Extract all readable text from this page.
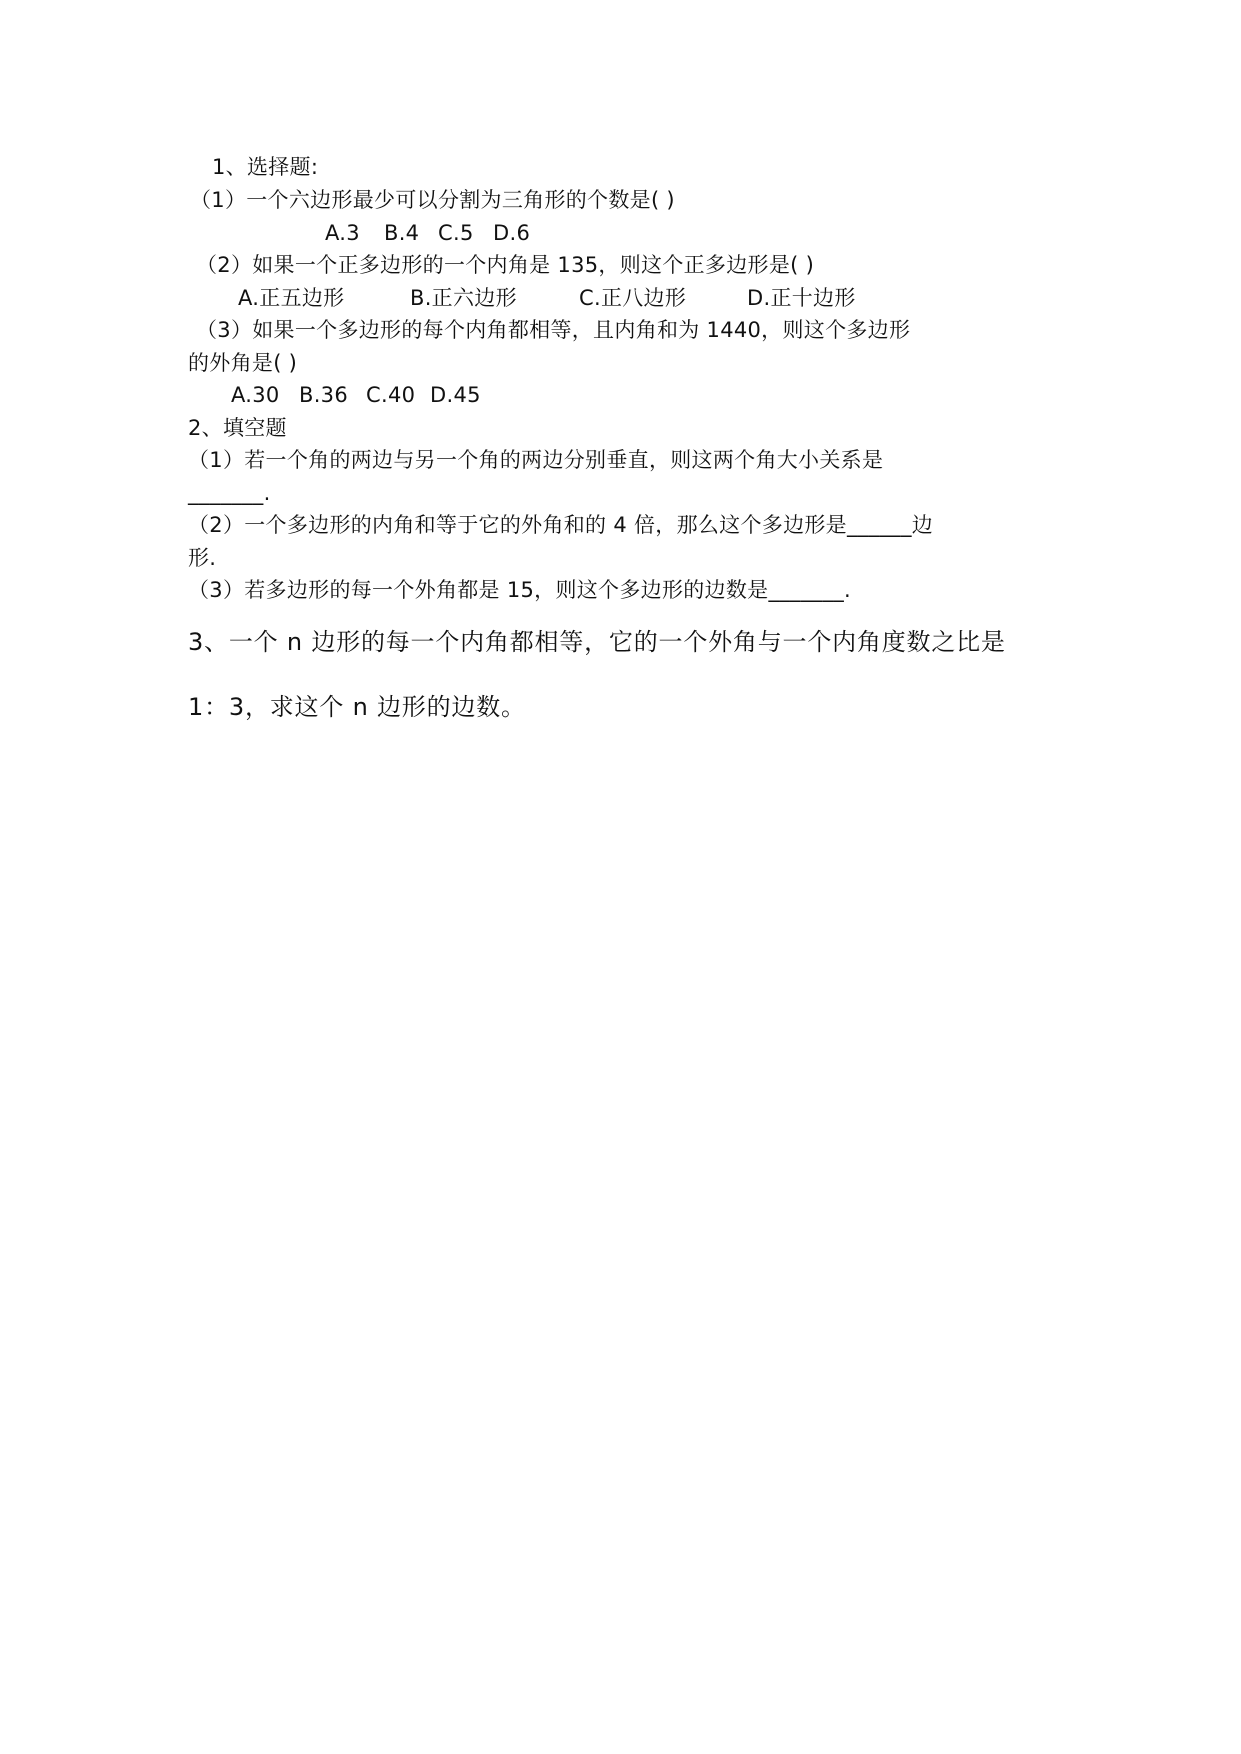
1、选择题:
（1）一个六边形最少可以分割为三角形的个数是( )
A.3 B.4 C.5 D.6
（2）如果一个正多边形的一个内角是 135，则这个正多边形是( )
A.正五边形	B.正六边形	C.正八边形	D.正十边形
（3）如果一个多边形的每个内角都相等，且内角和为 1440，则这个多边形
的外角是( )
A.30 B.36 C.40 D.45
2、填空题
（1）若一个角的两边与另一个角的两边分别垂直，则这两个角大小关系是
_______.
（2）一个多边形的内角和等于它的外角和的 4 倍，那么这个多边形是______边
形.
（3）若多边形的每一个外角都是 15，则这个多边形的边数是_______.
3、一个 n 边形的每一个内角都相等，它的一个外角与一个内角度数之比是
1：3，求这个 n 边形的边数。
